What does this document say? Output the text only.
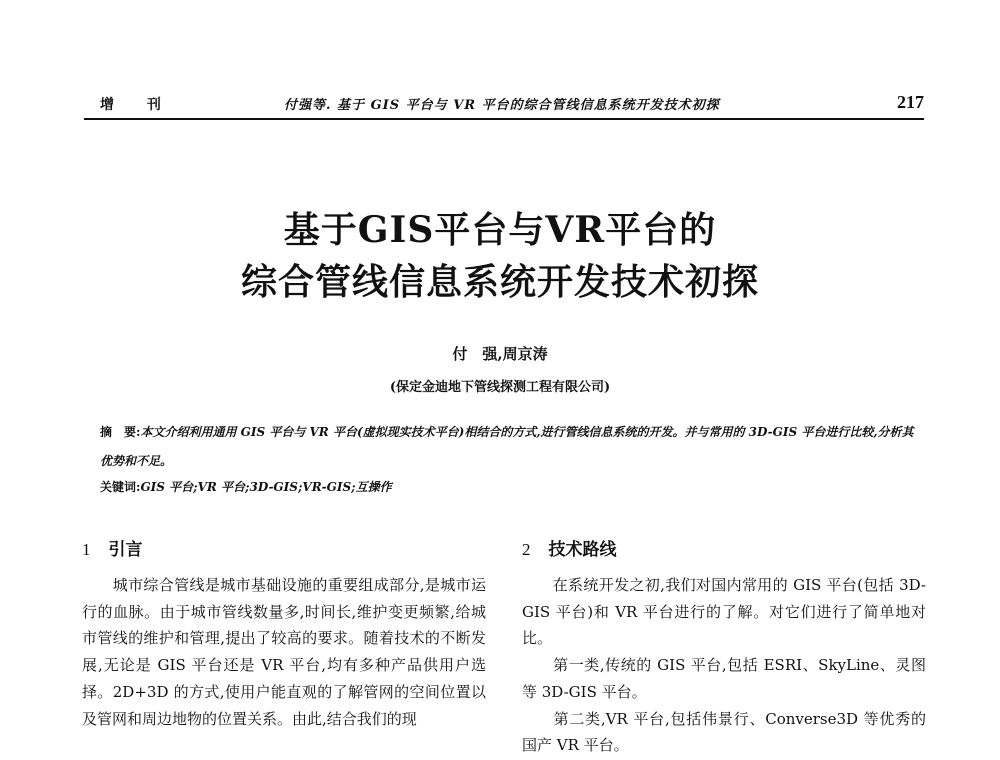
增 刊	付强等. 基于 GIS 平台与 VR 平台的综合管线信息系统开发技术初探	217
基于GIS平台与VR平台的
综合管线信息系统开发技术初探
付　强,周京涛
(保定金迪地下管线探测工程有限公司)
摘　要:本文介绍利用通用 GIS 平台与 VR 平台(虚拟现实技术平台)相结合的方式,进行管线信息系统的开发。并与常用的 3D-GIS 平台进行比较,分析其优势和不足。
关键词:GIS 平台;VR 平台;3D-GIS;VR-GIS;互操作
1 引言
　　城市综合管线是城市基础设施的重要组成部分,是城市运行的血脉。由于城市管线数量多,时间长,维护变更频繁,给城市管线的维护和管理,提出了较高的要求。随着技术的不断发展,无论是 GIS 平台还是 VR 平台,均有多种产品供用户选择。2D+3D 的方式,使用户能直观的了解管网的空间位置以及管网和周边地物的位置关系。由此,结合我们的现
2 技术路线
　　在系统开发之初,我们对国内常用的 GIS 平台(包括 3D-GIS 平台)和 VR 平台进行的了解。对它们进行了简单地对比。
　　第一类,传统的 GIS 平台,包括 ESRI、SkyLine、灵图等 3D-GIS 平台。
　　第二类,VR 平台,包括伟景行、Converse3D 等优秀的国产 VR 平台。
